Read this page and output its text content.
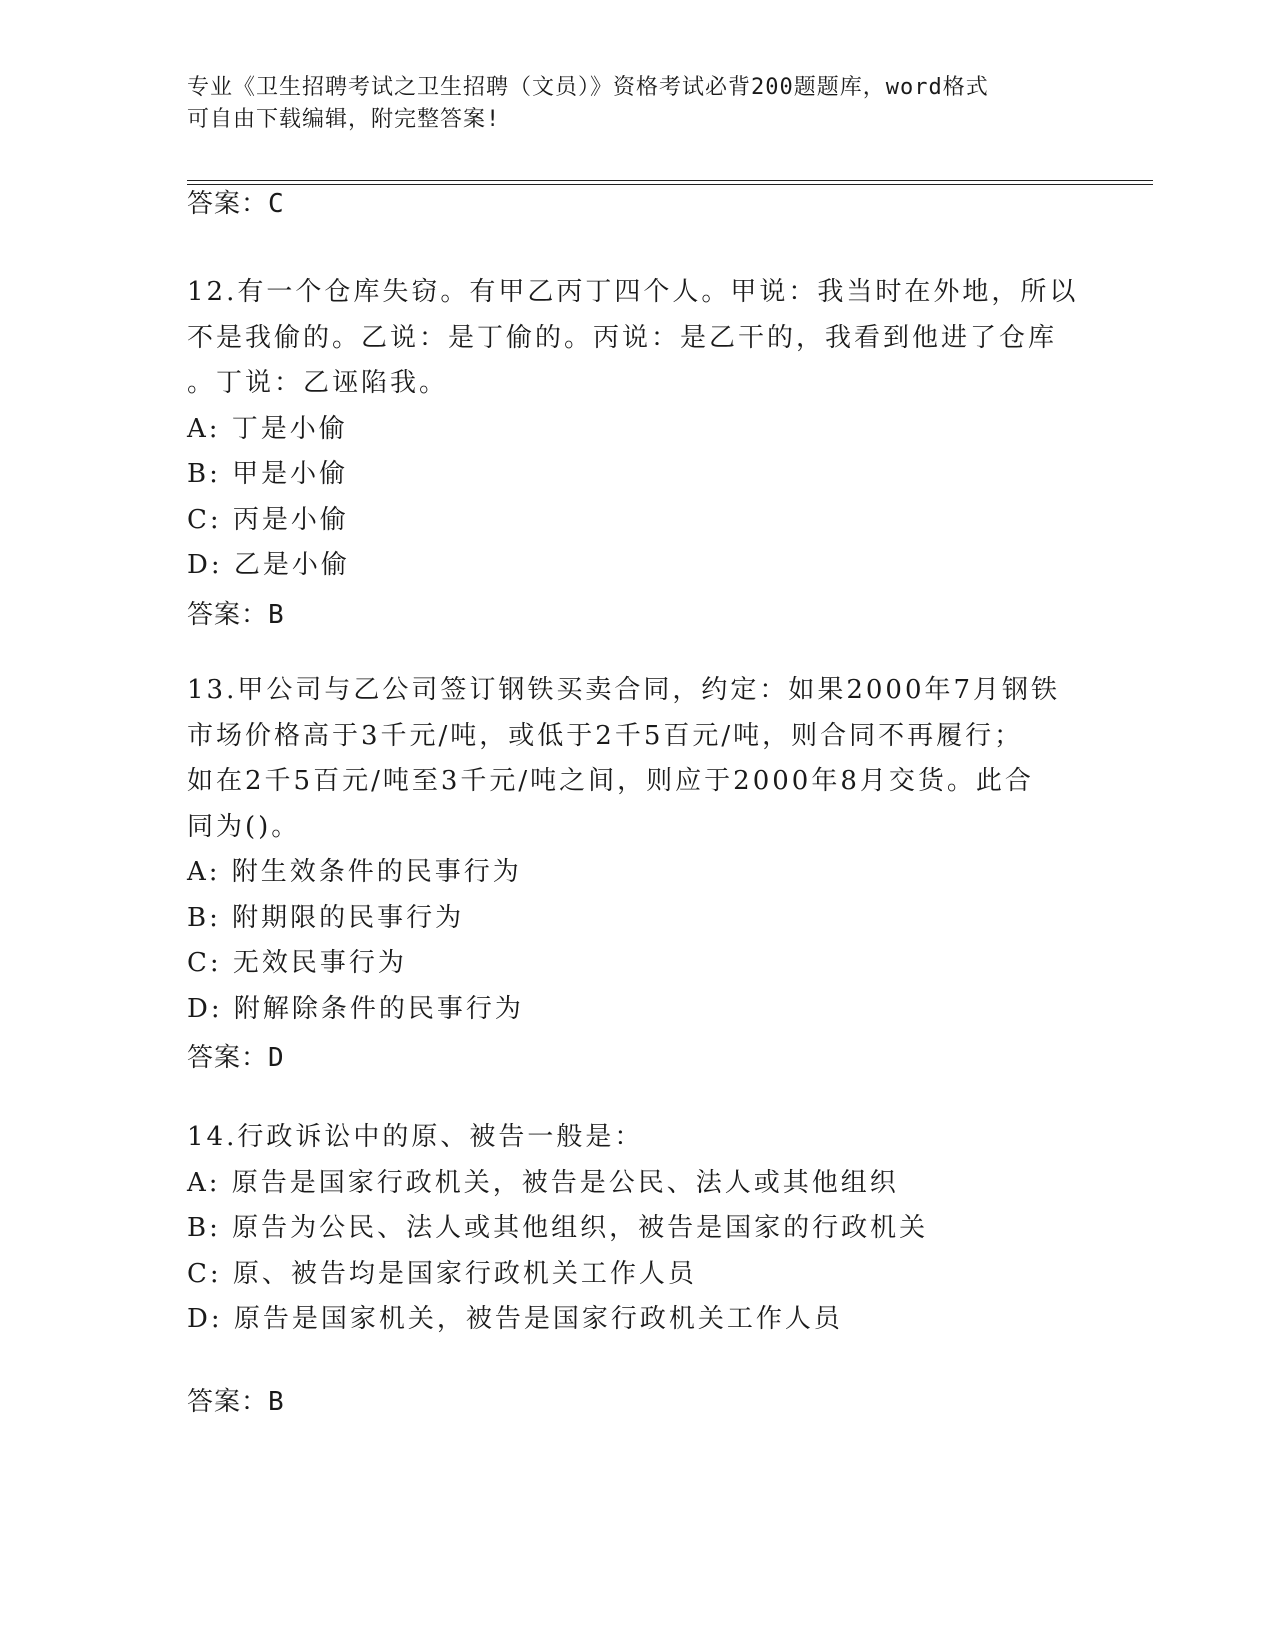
专业《卫生招聘考试之卫生招聘（文员）》资格考试必背200题题库，word格式
可自由下载编辑，附完整答案!
答案：C
12.有一个仓库失窃。有甲乙丙丁四个人。甲说：我当时在外地，所以
不是我偷的。乙说：是丁偷的。丙说：是乙干的，我看到他进了仓库
。丁说：乙诬陷我。
A: 丁是小偷
B: 甲是小偷
C: 丙是小偷
D: 乙是小偷
答案：B
13.甲公司与乙公司签订钢铁买卖合同，约定：如果2000年7月钢铁
市场价格高于3千元/吨，或低于2千5百元/吨，则合同不再履行；
如在2千5百元/吨至3千元/吨之间，则应于2000年8月交货。此合
同为()。
A: 附生效条件的民事行为
B: 附期限的民事行为
C: 无效民事行为
D: 附解除条件的民事行为
答案：D
14.行政诉讼中的原、被告一般是：
A: 原告是国家行政机关，被告是公民、法人或其他组织
B: 原告为公民、法人或其他组织，被告是国家的行政机关
C: 原、被告均是国家行政机关工作人员
D: 原告是国家机关，被告是国家行政机关工作人员
答案：B
